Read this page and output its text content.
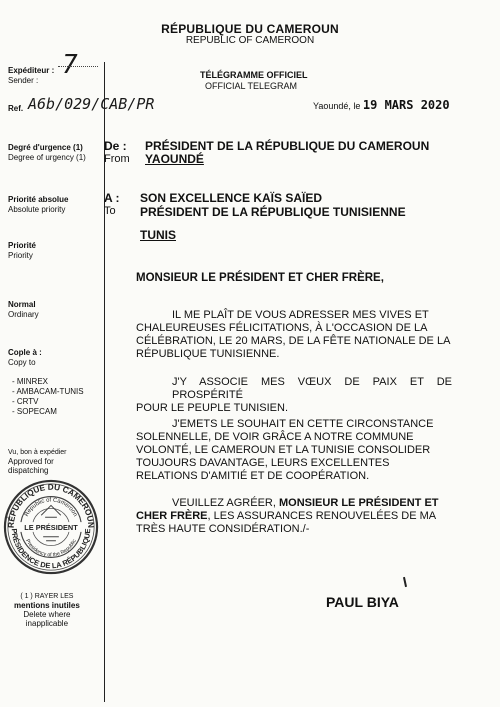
RÉPUBLIQUE DU CAMEROUN
REPUBLIC OF CAMEROON
Expéditeur :
Sender :
7
Ref. A6b/029/CAB/PR
Degré d'urgence (1)
Degree of urgency (1)
Priorité absolue
Absolute priority
Priorité
Priority
Normal
Ordinary
Cople à :
Copy to
- MINREX
- AMBACAM-TUNIS
- CRTV
- SOPECAM
Vu, bon à expédier
Approved for
dispatching
RÉPUBLIQUE DU CAMEROUN
PRÉSIDENCE DE LA RÉPUBLIQUE
Republic of Cameroon
Presidency of the Republic
LE PRÉSIDENT
( 1 ) RAYER LES
mentions inutiles
Delete where
inapplicable
TÉLÉGRAMME OFFICIEL
OFFICIAL TELEGRAM
Yaoundé, le 19 MARS 2020
De :
From
PRÉSIDENT DE LA RÉPUBLIQUE DU CAMEROUN
YAOUNDÉ
A :
To
SON EXCELLENCE KAÏS SAÏED
PRÉSIDENT DE LA RÉPUBLIQUE TUNISIENNE
TUNIS
MONSIEUR LE PRÉSIDENT ET CHER FRÈRE,
IL ME PLAÎT DE VOUS ADRESSER MES VIVES ET
CHALEUREUSES FÉLICITATIONS, À L'OCCASION DE LA
CÉLÉBRATION, LE 20 MARS, DE LA FÊTE NATIONALE DE LA
RÉPUBLIQUE TUNISIENNE.
J'Y ASSOCIE MES VŒUX DE PAIX ET DE PROSPÉRITÉ
POUR LE PEUPLE TUNISIEN.
J'EMETS LE SOUHAIT EN CETTE CIRCONSTANCE
SOLENNELLE, DE VOIR GRÂCE A NOTRE COMMUNE
VOLONTÉ, LE CAMEROUN ET LA TUNISIE CONSOLIDER
TOUJOURS DAVANTAGE, LEURS EXCELLENTES
RELATIONS D'AMITIÉ ET DE COOPÉRATION.
VEUILLEZ AGRÉER, MONSIEUR LE PRÉSIDENT ET
CHER FRÈRE, LES ASSURANCES RENOUVELÉES DE MA
TRÈS HAUTE CONSIDÉRATION./-
PAUL BIYA
